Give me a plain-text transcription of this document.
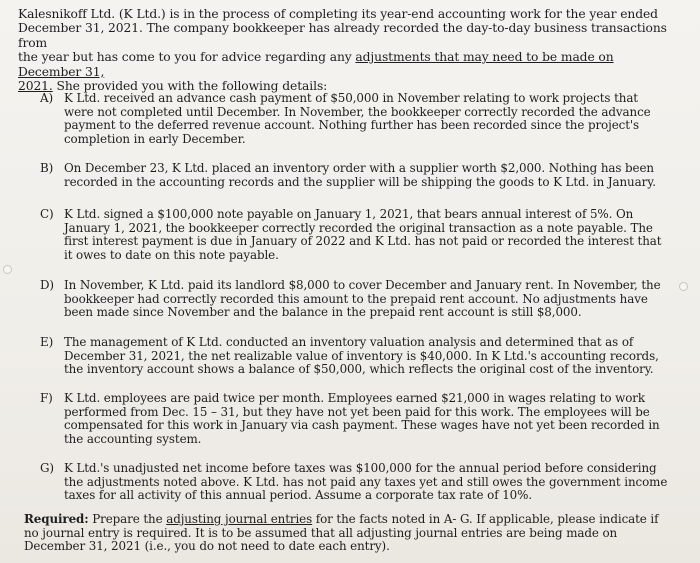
Kalesnikoff Ltd. (K Ltd.) is in the process of completing its year-end accounting work for the year ended
December 31, 2021. The company bookkeeper has already recorded the day-to-day business transactions from
the year but has come to you for advice regarding any adjustments that may need to be made on December 31,
2021. She provided you with the following details:
A) K Ltd. received an advance cash payment of $50,000 in November relating to work projects that were not completed until December. In November, the bookkeeper correctly recorded the advance payment to the deferred revenue account. Nothing further has been recorded since the project's completion in early December.
B) On December 23, K Ltd. placed an inventory order with a supplier worth $2,000. Nothing has been recorded in the accounting records and the supplier will be shipping the goods to K Ltd. in January.
C) K Ltd. signed a $100,000 note payable on January 1, 2021, that bears annual interest of 5%. On January 1, 2021, the bookkeeper correctly recorded the original transaction as a note payable. The first interest payment is due in January of 2022 and K Ltd. has not paid or recorded the interest that it owes to date on this note payable.
D) In November, K Ltd. paid its landlord $8,000 to cover December and January rent. In November, the bookkeeper had correctly recorded this amount to the prepaid rent account. No adjustments have been made since November and the balance in the prepaid rent account is still $8,000.
E) The management of K Ltd. conducted an inventory valuation analysis and determined that as of December 31, 2021, the net realizable value of inventory is $40,000. In K Ltd.'s accounting records, the inventory account shows a balance of $50,000, which reflects the original cost of the inventory.
F) K Ltd. employees are paid twice per month. Employees earned $21,000 in wages relating to work performed from Dec. 15 – 31, but they have not yet been paid for this work. The employees will be compensated for this work in January via cash payment. These wages have not yet been recorded in the accounting system.
G) K Ltd.'s unadjusted net income before taxes was $100,000 for the annual period before considering the adjustments noted above. K Ltd. has not paid any taxes yet and still owes the government income taxes for all activity of this annual period. Assume a corporate tax rate of 10%.
Required: Prepare the adjusting journal entries for the facts noted in A- G. If applicable, please indicate if no journal entry is required. It is to be assumed that all adjusting journal entries are being made on December 31, 2021 (i.e., you do not need to date each entry).
